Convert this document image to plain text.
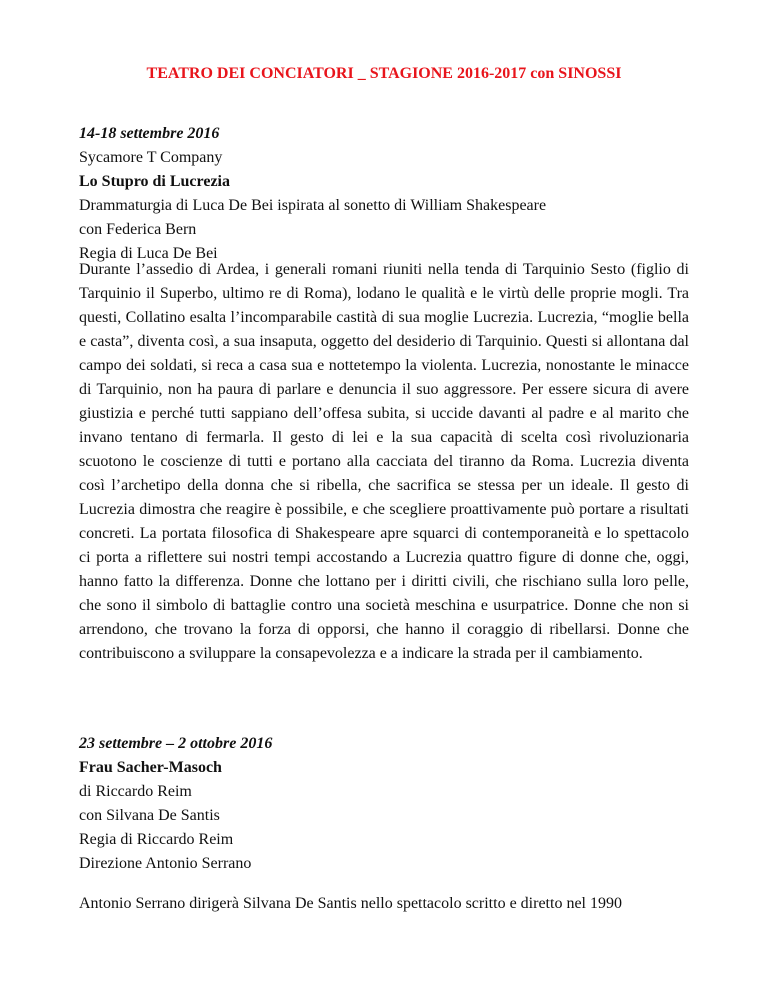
TEATRO DEI CONCIATORI _ STAGIONE 2016-2017 con SINOSSI

14-18 settembre 2016

Sycamore T Company

Lo Stupro di Lucrezia

Drammaturgia di Luca De Bei ispirata al sonetto di William Shakespeare

con Federica Bern

Regia di Luca De Bei

Durante l’assedio di Ardea, i generali romani riuniti nella tenda di Tarquinio Sesto (figlio di Tarquinio il Superbo, ultimo re di Roma), lodano le qualità e le virtù delle proprie mogli. Tra questi, Collatino esalta l’incomparabile castità di sua moglie Lucrezia. Lucrezia, “moglie bella e casta”, diventa così, a sua insaputa, oggetto del desiderio di Tarquinio. Questi si allontana dal campo dei soldati, si reca a casa sua e nottetempo la violenta. Lucrezia, nonostante le minacce di Tarquinio, non ha paura di parlare e denuncia il suo aggressore. Per essere sicura di avere giustizia e perché tutti sappiano dell’offesa subita, si uccide davanti al padre e al marito che invano tentano di fermarla. Il gesto di lei e la sua capacità di scelta così rivoluzionaria scuotono le coscienze di tutti e portano alla cacciata del tiranno da Roma. Lucrezia diventa così l’archetipo della donna che si ribella, che sacrifica se stessa per un ideale. Il gesto di Lucrezia dimostra che reagire è possibile, e che scegliere proattivamente può portare a risultati concreti. La portata filosofica di Shakespeare apre squarci di contemporaneità e lo spettacolo ci porta a riflettere sui nostri tempi accostando a Lucrezia quattro figure di donne che, oggi, hanno fatto la differenza. Donne che lottano per i diritti civili, che rischiano sulla loro pelle, che sono il simbolo di battaglie contro una società meschina e usurpatrice. Donne che non si arrendono, che trovano la forza di opporsi, che hanno il coraggio di ribellarsi. Donne che contribuiscono a sviluppare la consapevolezza e a indicare la strada per il cambiamento.

23 settembre – 2 ottobre 2016

Frau Sacher-Masoch

di Riccardo Reim

con Silvana De Santis

Regia di Riccardo Reim

Direzione Antonio Serrano

Antonio Serrano dirigerà Silvana De Santis nello spettacolo scritto e diretto nel 1990
